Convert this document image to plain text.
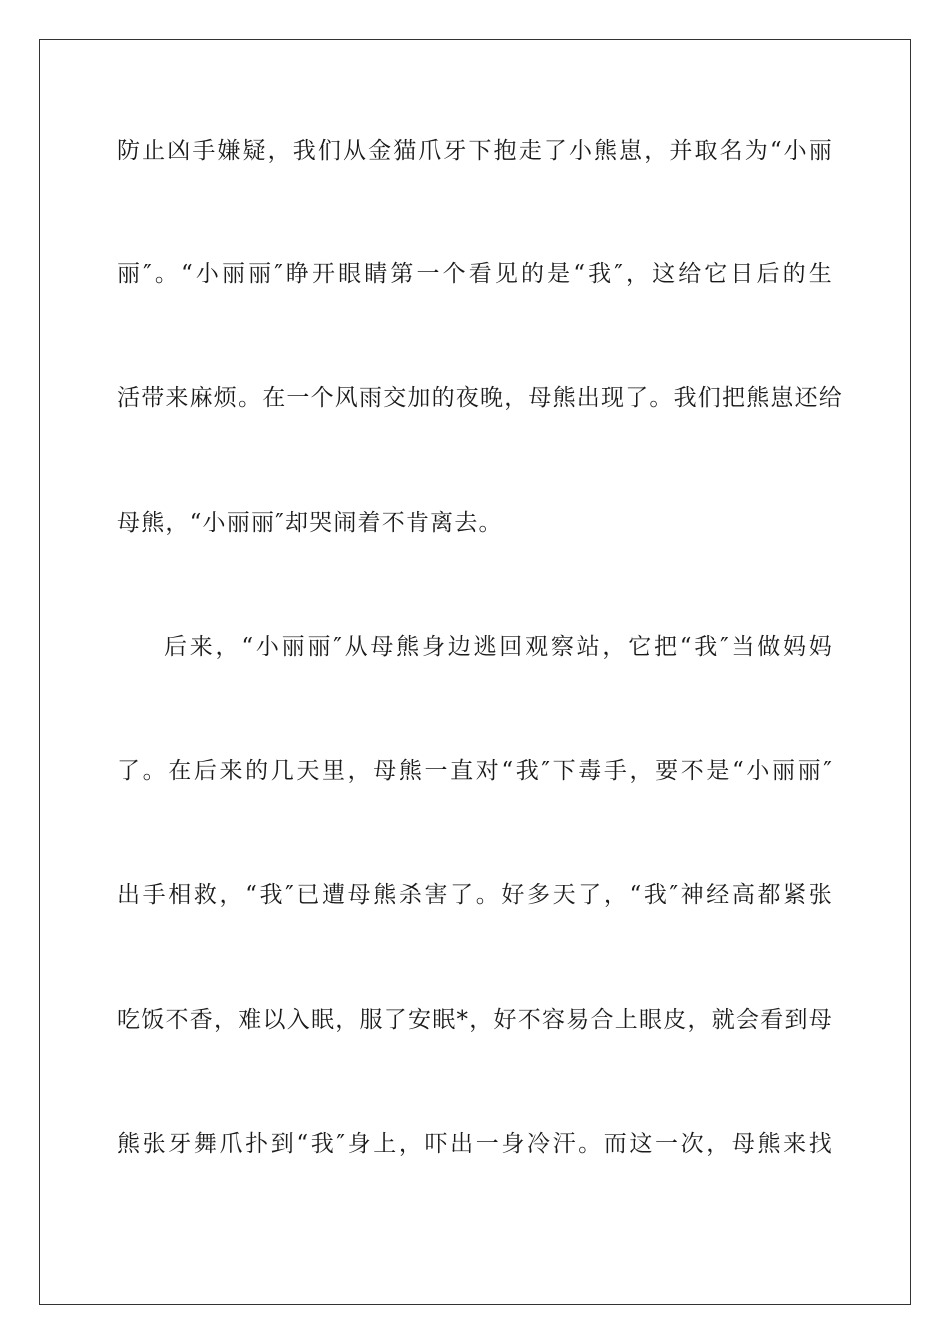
防止凶手嫌疑，我们从金猫爪牙下抱走了小熊崽，并取名为“小丽
丽″。“小丽丽″睁开眼睛第一个看见的是“我″，这给它日后的生
活带来麻烦。在一个风雨交加的夜晚，母熊出现了。我们把熊崽还给
母熊，“小丽丽″却哭闹着不肯离去。
后来，“小丽丽″从母熊身边逃回观察站，它把“我″当做妈妈
了。在后来的几天里，母熊一直对“我″下毒手，要不是“小丽丽″
出手相救，“我″已遭母熊杀害了。好多天了，“我″神经高都紧张
吃饭不香，难以入眠，服了安眠*，好不容易合上眼皮，就会看到母
熊张牙舞爪扑到“我″身上，吓出一身冷汗。而这一次，母熊来找
